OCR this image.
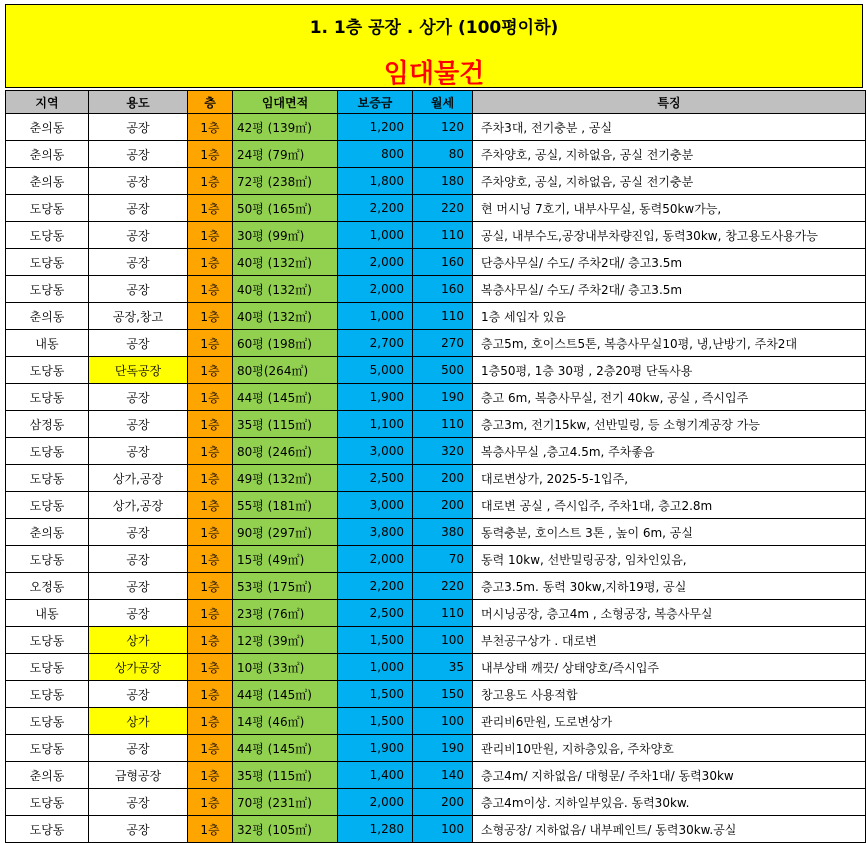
1. 1층 공장 . 상가 (100평이하)
임대물건
지역	용도	층	임대면적	보증금	월세	특징
춘의동	공장	1층	42평 (139㎡)	1,200	120	주차3대, 전기충분 , 공실
춘의동	공장	1층	24평 (79㎡)	800	80	주차양호, 공실, 지하없음, 공실 전기충분
춘의동	공장	1층	72평 (238㎡)	1,800	180	주차양호, 공실, 지하없음, 공실 전기충분
도당동	공장	1층	50평 (165㎡)	2,200	220	현 머시닝 7호기, 내부사무실, 동력50kw가능,
도당동	공장	1층	30평 (99㎡)	1,000	110	공실, 내부수도,공장내부차량진입, 동력30kw, 창고용도사용가능
도당동	공장	1층	40평 (132㎡)	2,000	160	단층사무실/ 수도/ 주차2대/ 층고3.5m
도당동	공장	1층	40평 (132㎡)	2,000	160	복층사무실/ 수도/ 주차2대/ 층고3.5m
춘의동	공장,창고	1층	40평 (132㎡)	1,000	110	1층 세입자 있음
내동	공장	1층	60평 (198㎡)	2,700	270	층고5m, 호이스트5톤, 복층사무실10평, 냉,난방기, 주차2대
도당동	단독공장	1층	80평(264㎡)	5,000	500	1층50평, 1층 30평 , 2층20평 단독사용
도당동	공장	1층	44평 (145㎡)	1,900	190	층고 6m, 복층사무실, 전기 40kw, 공실 , 즉시입주
삼정동	공장	1층	35평 (115㎡)	1,100	110	층고3m, 전기15kw, 선반밀링, 등 소형기계공장 가능
도당동	공장	1층	80평 (246㎡)	3,000	320	복층사무실 ,층고4.5m, 주차좋음
도당동	상가,공장	1층	49평 (132㎡)	2,500	200	대로변상가, 2025-5-1입주,
도당동	상가,공장	1층	55평 (181㎡)	3,000	200	대로변 공실 , 즉시입주, 주차1대, 층고2.8m
춘의동	공장	1층	90평 (297㎡)	3,800	380	동력충분, 호이스트 3톤 , 높이 6m, 공실
도당동	공장	1층	15평 (49㎡)	2,000	70	동력 10kw, 선반밀링공장, 임차인있음,
오정동	공장	1층	53평 (175㎡)	2,200	220	층고3.5m. 동력 30kw,지하19평, 공실
내동	공장	1층	23평 (76㎡)	2,500	110	머시닝공장, 층고4m , 소형공장, 복층사무실
도당동	상가	1층	12평 (39㎡)	1,500	100	부천공구상가 . 대로변
도당동	상가공장	1층	10평 (33㎡)	1,000	35	내부상태 깨끗/ 상태양호/즉시입주
도당동	공장	1층	44평 (145㎡)	1,500	150	창고용도 사용적합
도당동	상가	1층	14평 (46㎡)	1,500	100	관리비6만원, 도로변상가
도당동	공장	1층	44평 (145㎡)	1,900	190	관리비10만원, 지하층있음, 주차양호
춘의동	금형공장	1층	35평 (115㎡)	1,400	140	층고4m/ 지하없음/ 대형문/ 주차1대/ 동력30kw
도당동	공장	1층	70평 (231㎡)	2,000	200	층고4m이상. 지하일부있음. 동력30kw.
도당동	공장	1층	32평 (105㎡)	1,280	100	소형공장/ 지하없음/ 내부페인트/ 동력30kw.공실
